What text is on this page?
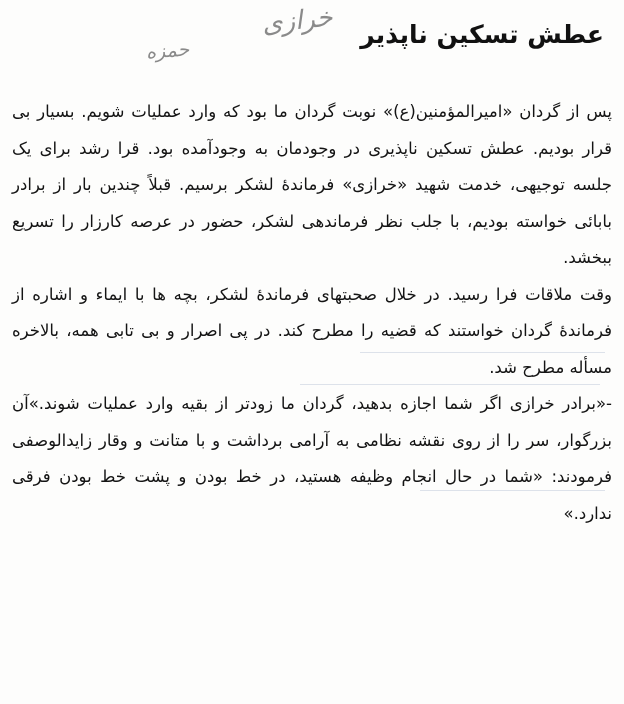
خرازی
حمزه
عطش تسکین ناپذیر

پس از گردان «امیرالمؤمنین(ع)» نوبت گردان ما بود که وارد عملیات شویم. بسیار بی قرار بودیم. عطش تسکین ناپذیری در وجودمان به وجودآمده بود. قرا رشد برای یک جلسه توجیهی، خدمت شهید «خرازی» فرماندهٔ لشکر برسیم. قبلاً چندین بار از برادر بابائی خواسته بودیم، با جلب نظر فرماندهی لشکر، حضور در عرصه کارزار را تسریع ببخشد.

وقت ملاقات فرا رسید. در خلال صحبتهای فرماندهٔ لشکر، بچه ها با ایماء و اشاره از فرماندهٔ گردان خواستند که قضیه را مطرح کند. در پی اصرار و بی تابی همه، بالاخره مسأله مطرح شد.

-«برادر خرازی اگر شما اجازه بدهید، گردان ما زودتر از بقیه وارد عملیات شوند.»آن بزرگوار، سر را از روی نقشه نظامی به آرامی برداشت و با متانت و وقار زایدالوصفی فرمودند: «شما در حال انجام وظیفه هستید، در خط بودن و پشت خط بودن فرقی ندارد.»
